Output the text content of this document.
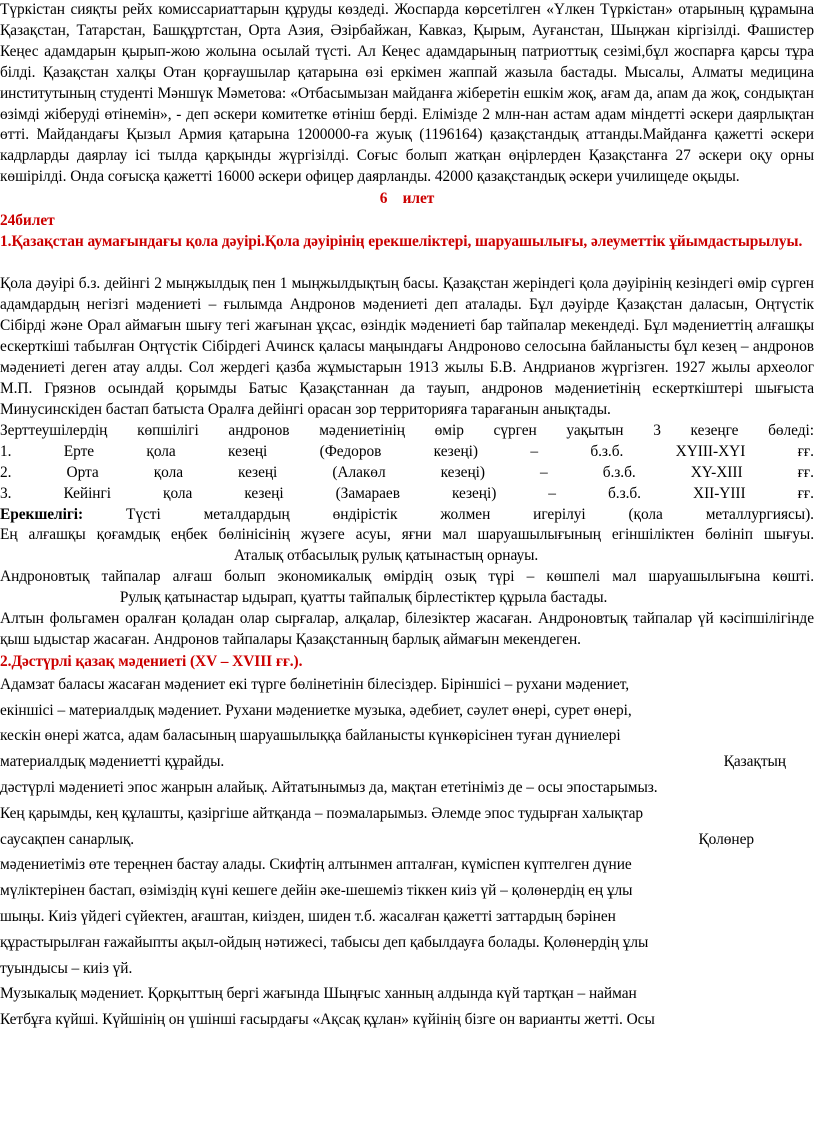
Түркістан сияқты рейх комиссариаттарын құруды көздеді. Жоспарда көрсетілген «Үлкен Түркістан» отарының құрамына Қазақстан, Татарстан, Башқұртстан, Орта Азия, Әзірбайжан, Кавказ, Қырым, Ауғанстан, Шыңжан кіргізілді. Фашистер Кеңес адамдарын қырып-жою жолына осылай түсті. Ал Кеңес адамдарының патриоттық сезімі,бұл жоспарға қарсы тұра білді. Қазақстан халқы Отан қорғаушылар қатарына өзі еркімен жаппай жазыла бастады. Мысалы, Алматы медицина институтының студенті Мәншүк Мәметова: «Отбасымызан майданға жіберетін ешкім жоқ, ағам да, апам да жоқ, сондықтан өзімді жіберуді өтінемін», - деп әскери комитетке өтініш берді. Елімізде 2 млн-нан астам адам міндетті әскери даярлықтан өтті. Майдандағы Қызыл Армия қатарына 1200000-ға жуық (1196164) қазақстандық аттанды.Майданға қажетті әскери кадрларды даярлау ісі тылда қарқынды жүргізілді. Соғыс болып жатқан өңірлерден Қазақстанға 27 әскери оқу орны көшірілді. Онда соғысқа қажетті 16000 әскери офицер даярланды. 42000 қазақстандық әскери училищеде оқыды.

6    илет

24билет

1.Қазақстан аумағындағы қола дәуірі.Қола дәуірінің ерекшеліктері, шаруашылығы, әлеуметтік ұйымдастырылуы.

Қола дәуірі б.з. дейінгі 2 мыңжылдық пен 1 мыңжылдықтың басы. Қазақстан жеріндегі қола дәуірінің кезіндегі өмір сүрген адамдардың негізгі мәдениеті – ғылымда Андронов мәдениеті деп аталады. Бұл дәуірде Қазақстан даласын, Оңтүстік Сібірді және Орал аймағын шығу тегі жағынан ұқсас, өзіндік мәдениеті бар тайпалар мекендеді. Бұл мәдениеттің алғашқы ескерткіші табылған Оңтүстік Сібірдегі Ачинск қаласы маңындағы Андроново селосына байланысты бұл кезең – андронов мәдениеті деген атау алды. Сол жердегі қазба жұмыстарын 1913 жылы Б.В. Андрианов жүргізген. 1927 жылы археолог М.П. Грязнов осындай қорымды Батыс Қазақстаннан да тауып, андронов мәдениетінің ескерткіштері шығыста Минусинскіден бастап батыста Оралға дейінгі орасан зор территорияға тарағанын анықтады.

Зерттеушілердің көпшілігі андронов мәдениетінің өмір сүрген уақытын 3 кезеңге бөледі:

1.	Ерте	қола	кезеңі	(Федоров	кезеңі)	–	б.з.б.	XYIII-XYI	ғғ.
2.	Орта	қола	кезеңі	(Алакөл	кезеңі)	–	б.з.б.	XY-XIII	ғғ.
3.	Кейінгі	қола	кезеңі	(Замараев	кезеңі)	–	б.з.б.	XII-YIII	ғғ.
Ерекшелігі:	Түсті	металдардың	өндірістік	жолмен	игерілуі	(қола	металлургиясы).

Ең алғашқы қоғамдық еңбек бөлінісінің жүзеге асуы, яғни мал шаруашылығының егіншіліктен бөлініп шығуы.  Аталық отбасылық рулық қатынастың орнауы.

Андроновтық тайпалар алғаш болып экономикалық өмірдің озық түрі – көшпелі мал шаруашылығына көшті.  Рулық қатынастар ыдырап, қуатты тайпалық бірлестіктер құрыла бастады.

Алтын фольгамен оралған қоладан олар сырғалар, алқалар, білезіктер жасаған. Андроновтық тайпалар үй кәсіпшілігінде қыш ыдыстар жасаған. Андронов тайпалары Қазақстанның барлық аймағын мекендеген.

2.Дәстүрлі қазақ мәдениеті (XV – XVIII ғғ.).

Адамзат баласы жасаған мәдениет екі түрге бөлінетінін білесіздер. Біріншісі – рухани мәдениет,

екіншісі – материалдық мәдениет. Рухани мәдениетке музыка, әдебиет, сәулет өнері, сурет өнері,

кескін өнері жатса, адам баласының шаруашылыққа байланысты күнкөрісінен туған дүниелері

материалдық мәдениетті құрайды.	Қазақтың

дәстүрлі мәдениеті эпос жанрын алайық. Айтатынымыз да, мақтан ететініміз де – осы эпостарымыз.

Кең қарымды, кең құлашты, қазіргіше айтқанда – поэмаларымыз. Әлемде эпос тудырған халықтар

саусақпен санарлық.	Қолөнер

мәдениетіміз өте тереңнен бастау алады. Скифтің алтынмен апталған, күміспен күптелген дүние

мүліктерінен бастап, өзіміздің күні кешеге дейін әке-шешеміз тіккен киіз үй – қолөнердің ең ұлы

шыңы. Киіз үйдегі сүйектен, ағаштан, киізден, шиден т.б. жасалған қажетті заттардың бәрінен

құрастырылған ғажайыпты ақыл-ойдың нәтижесі, табысы деп қабылдауға болады. Қолөнердің ұлы

туындысы – киіз үй.

Музыкалық мәдениет. Қорқыттың бергі жағында Шыңғыс ханның алдында күй тартқан – найман

Кетбұға күйші. Күйшінің он үшінші ғасырдағы «Ақсақ құлан» күйінің бізге он варианты жетті. Осы
